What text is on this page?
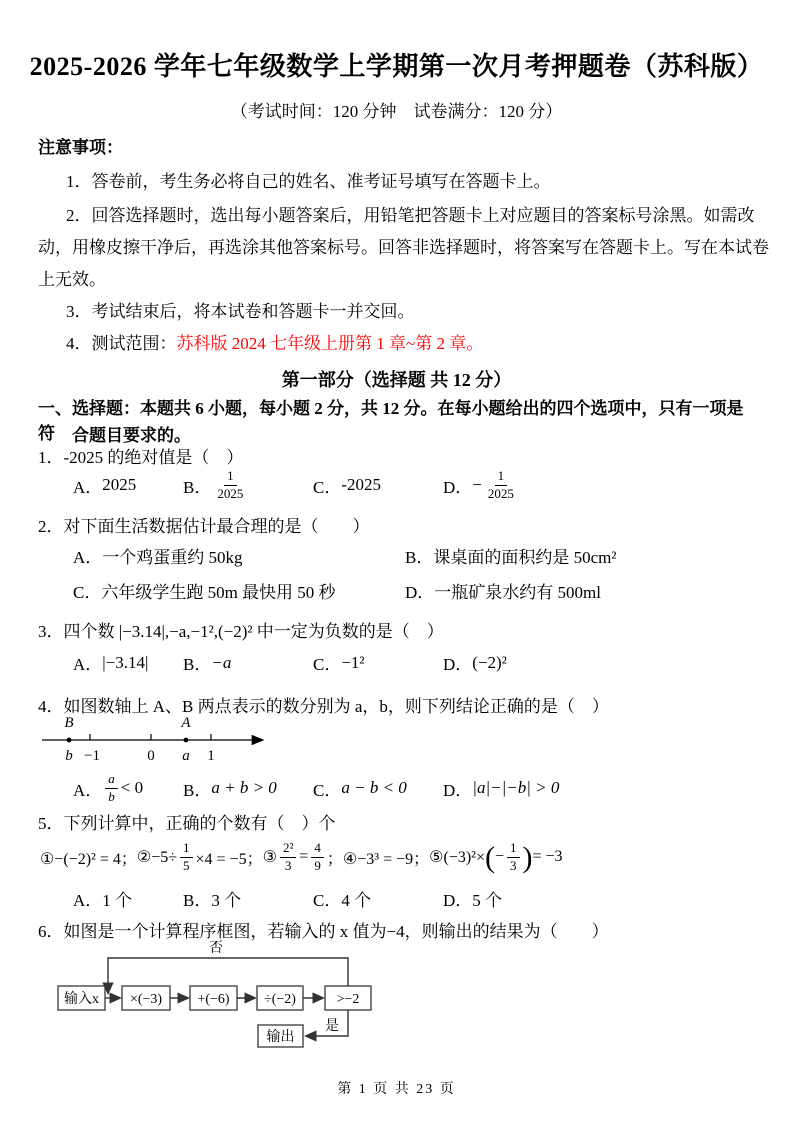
2025-2026 学年七年级数学上学期第一次月考押题卷（苏科版）
（考试时间：120 分钟　试卷满分：120 分）
注意事项：
1．答卷前，考生务必将自己的姓名、准考证号填写在答题卡上。
2．回答选择题时，选出每小题答案后，用铅笔把答题卡上对应题目的答案标号涂黑。如需改
动，用橡皮擦干净后，再选涂其他答案标号。回答非选择题时，将答案写在答题卡上。写在本试卷
上无效。
3．考试结束后，将本试卷和答题卡一并交回。
4．测试范围：苏科版 2024 七年级上册第 1 章~第 2 章。
第一部分（选择题 共 12 分）
一、选择题：本题共 6 小题，每小题 2 分，共 12 分。在每小题给出的四个选项中，只有一项是符	合题目要求的。
1．-2025 的绝对值是（　）
A． 2025	B． $\frac{1}{2025}$	C． -2025	D． − $\frac{1}{2025}$
2．对下面生活数据估计最合理的是（　　）
A．一个鸡蛋重约 50kg	B．课桌面的面积约是 50cm²
C．六年级学生跑 50m 最快用 50 秒	D．一瓶矿泉水约有 500ml
3．四个数 |−3.14|,−a,−1²,(−2)² 中一定为负数的是（　）
A． |−3.14| B． −a	C． −1²	D． (−2)²
4．如图数轴上 A、B 两点表示的数分别为 a，b，则下列结论正确的是（　）
B	A
b −1	0 a 1
A． $\frac{a}{b} < 0$ B． a + b > 0 C． a − b < 0 D． |a|−|−b| > 0
5．下列计算中，正确的个数有（　）个
①−(−2)² = 4； ②−5÷ $\frac{1}{5} \times 4 = -5$； ③ $\frac{\text{2²}}{3} = \frac{4}{9}$ ； ④−3³ = −9； ⑤(−3)²× ( − $\frac{1}{3}$ ) = −3
A． 1 个	B． 3 个	C． 4 个	D． 5 个
6．如图是一个计算程序框图，若输入的 x 值为−4，则输出的结果为（　　）
输入x ×(−3)	+(−6) ÷(−2)	>−2
输出
否
是
第 1 页 共 23 页
